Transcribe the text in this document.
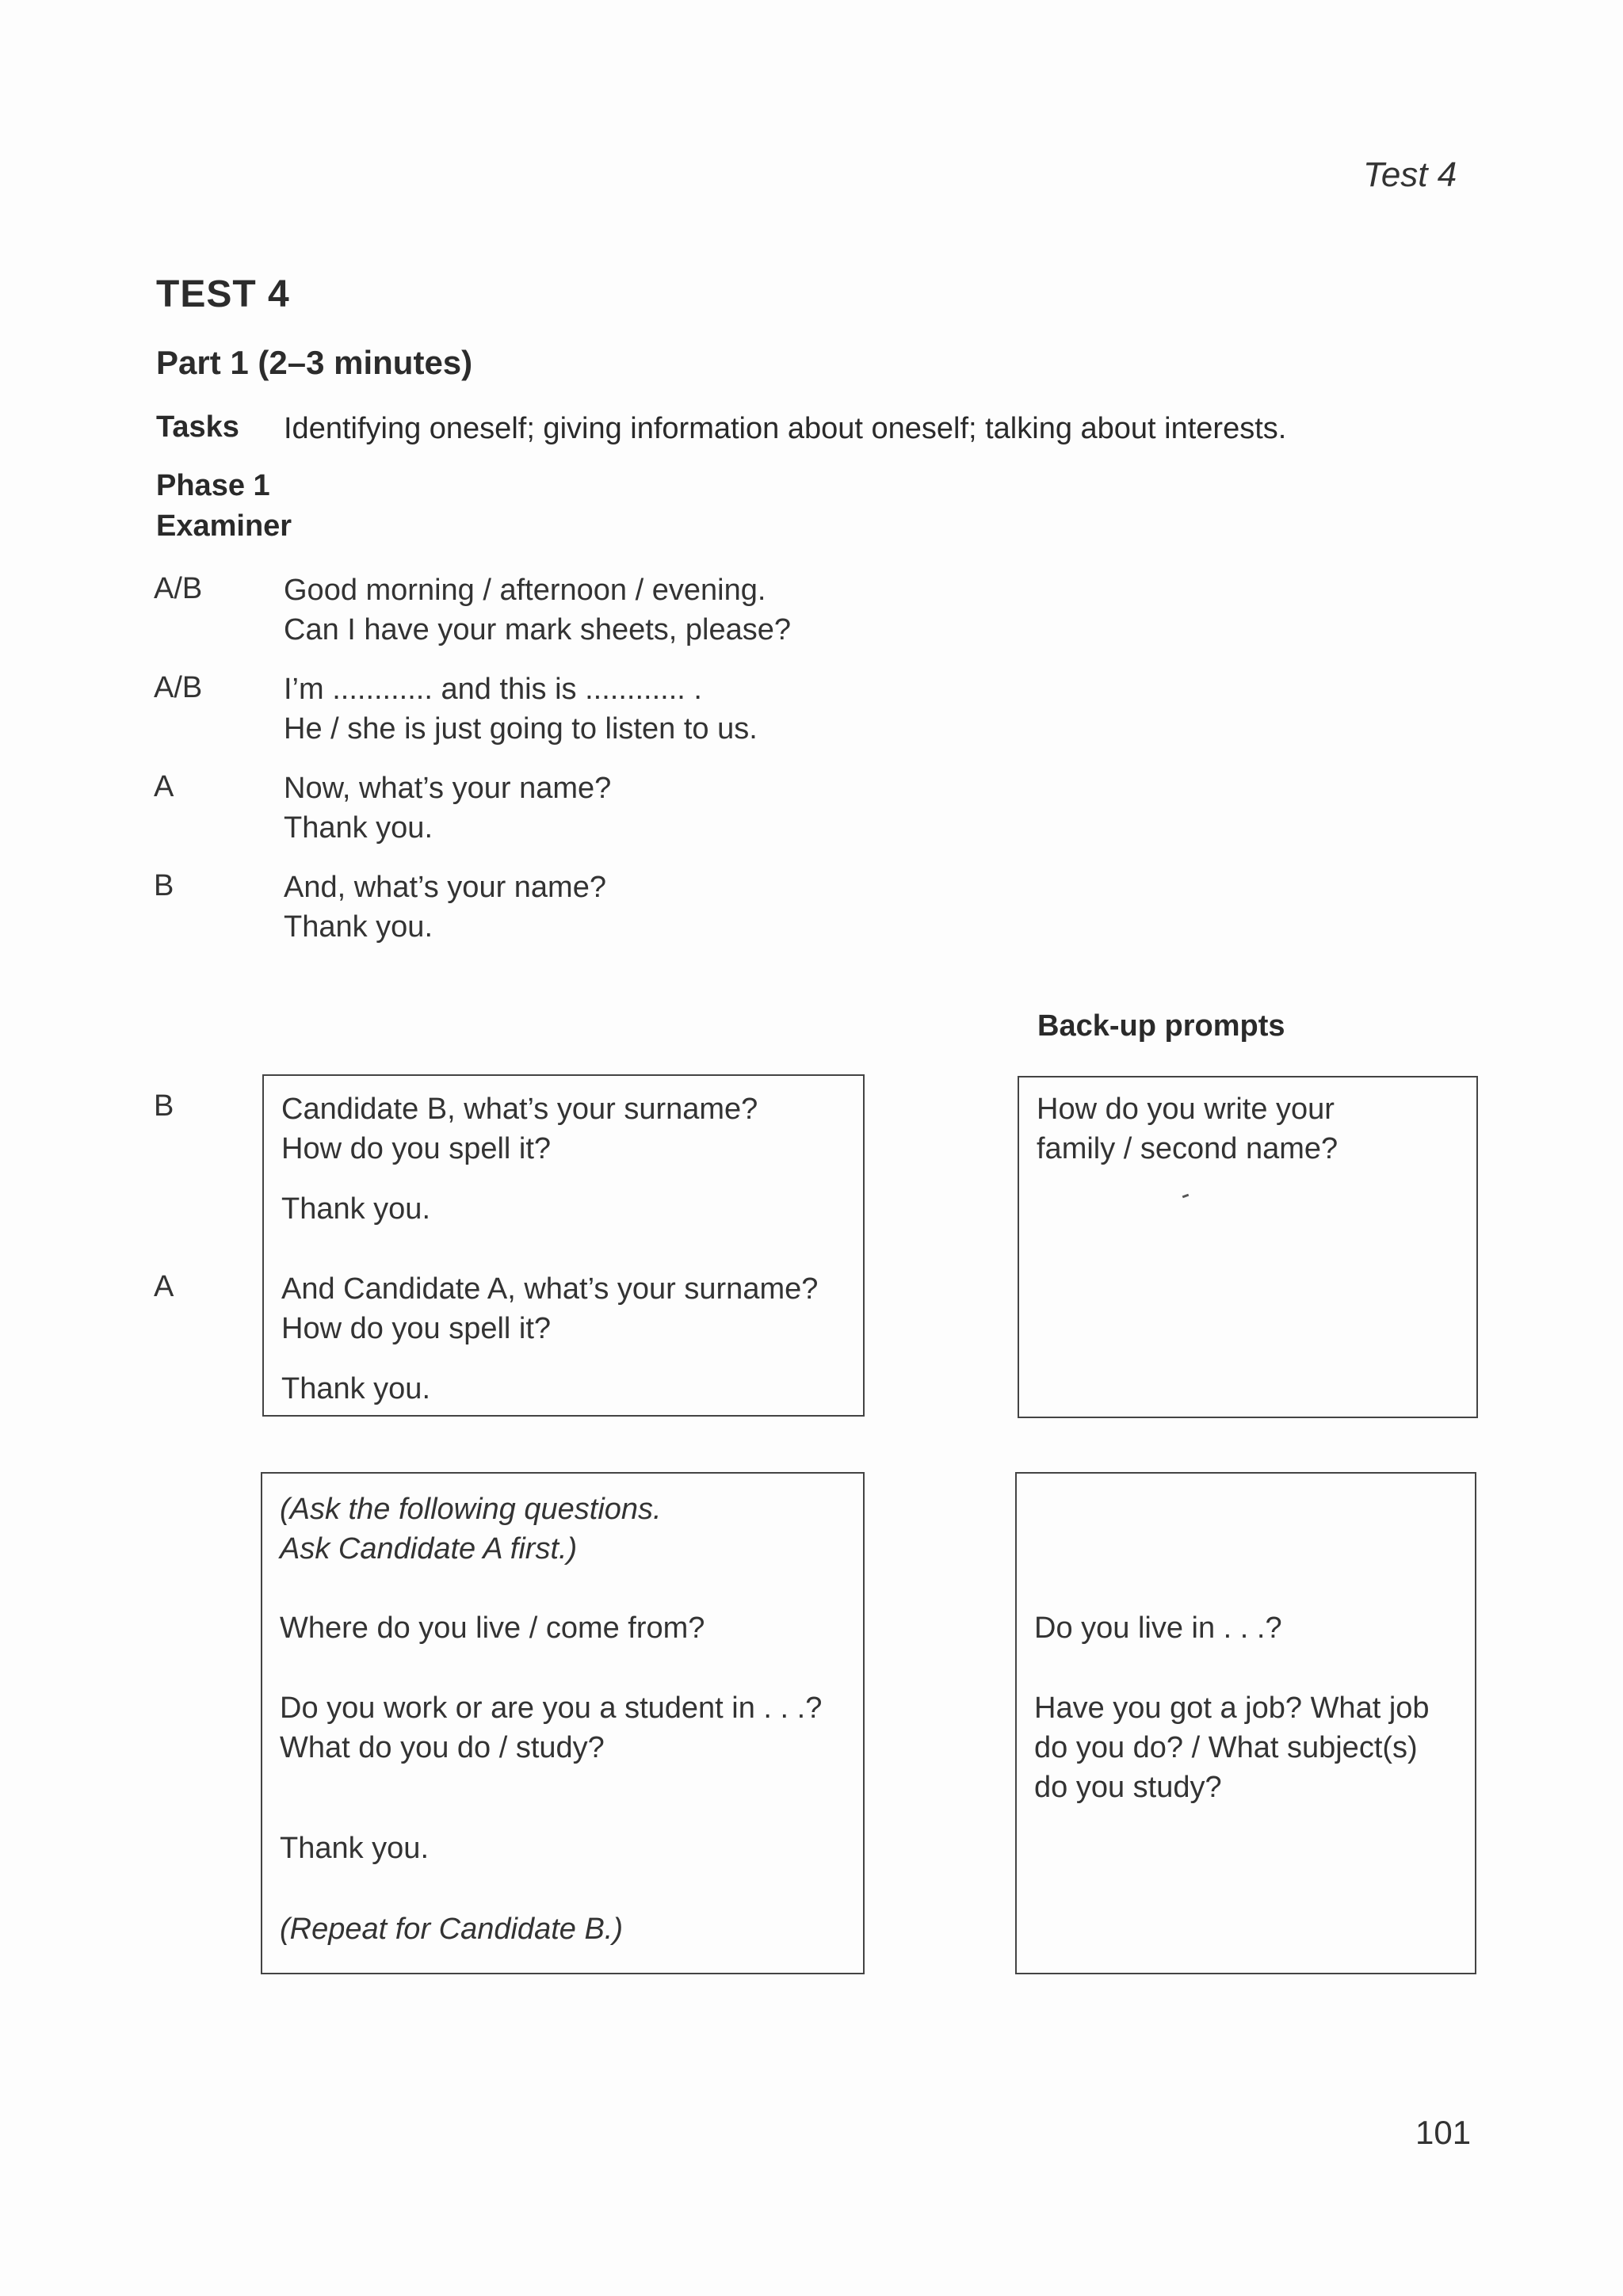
Test 4
TEST 4
Part 1 (2–3 minutes)
Tasks Identifying oneself; giving information about oneself; talking about interests.
Phase 1
Examiner
A/B	Good morning / afternoon / evening.
Can I have your mark sheets, please?
A/B	I’m ............ and this is ............ .
He / she is just going to listen to us.
A	Now, what’s your name?
Thank you.
B	And, what’s your name?
Thank you.
Back-up prompts
B
A
Candidate B, what’s your surname?
How do you spell it?
Thank you.
And Candidate A, what’s your surname?
How do you spell it?
Thank you.
How do you write your
family / second name?
(Ask the following questions.
Ask Candidate A first.)
Where do you live / come from?
Do you work or are you a student in . . .?
What do you do / study?
Thank you.
(Repeat for Candidate B.)
Do you live in . . .?
Have you got a job? What job
do you do? / What subject(s)
do you study?
101
